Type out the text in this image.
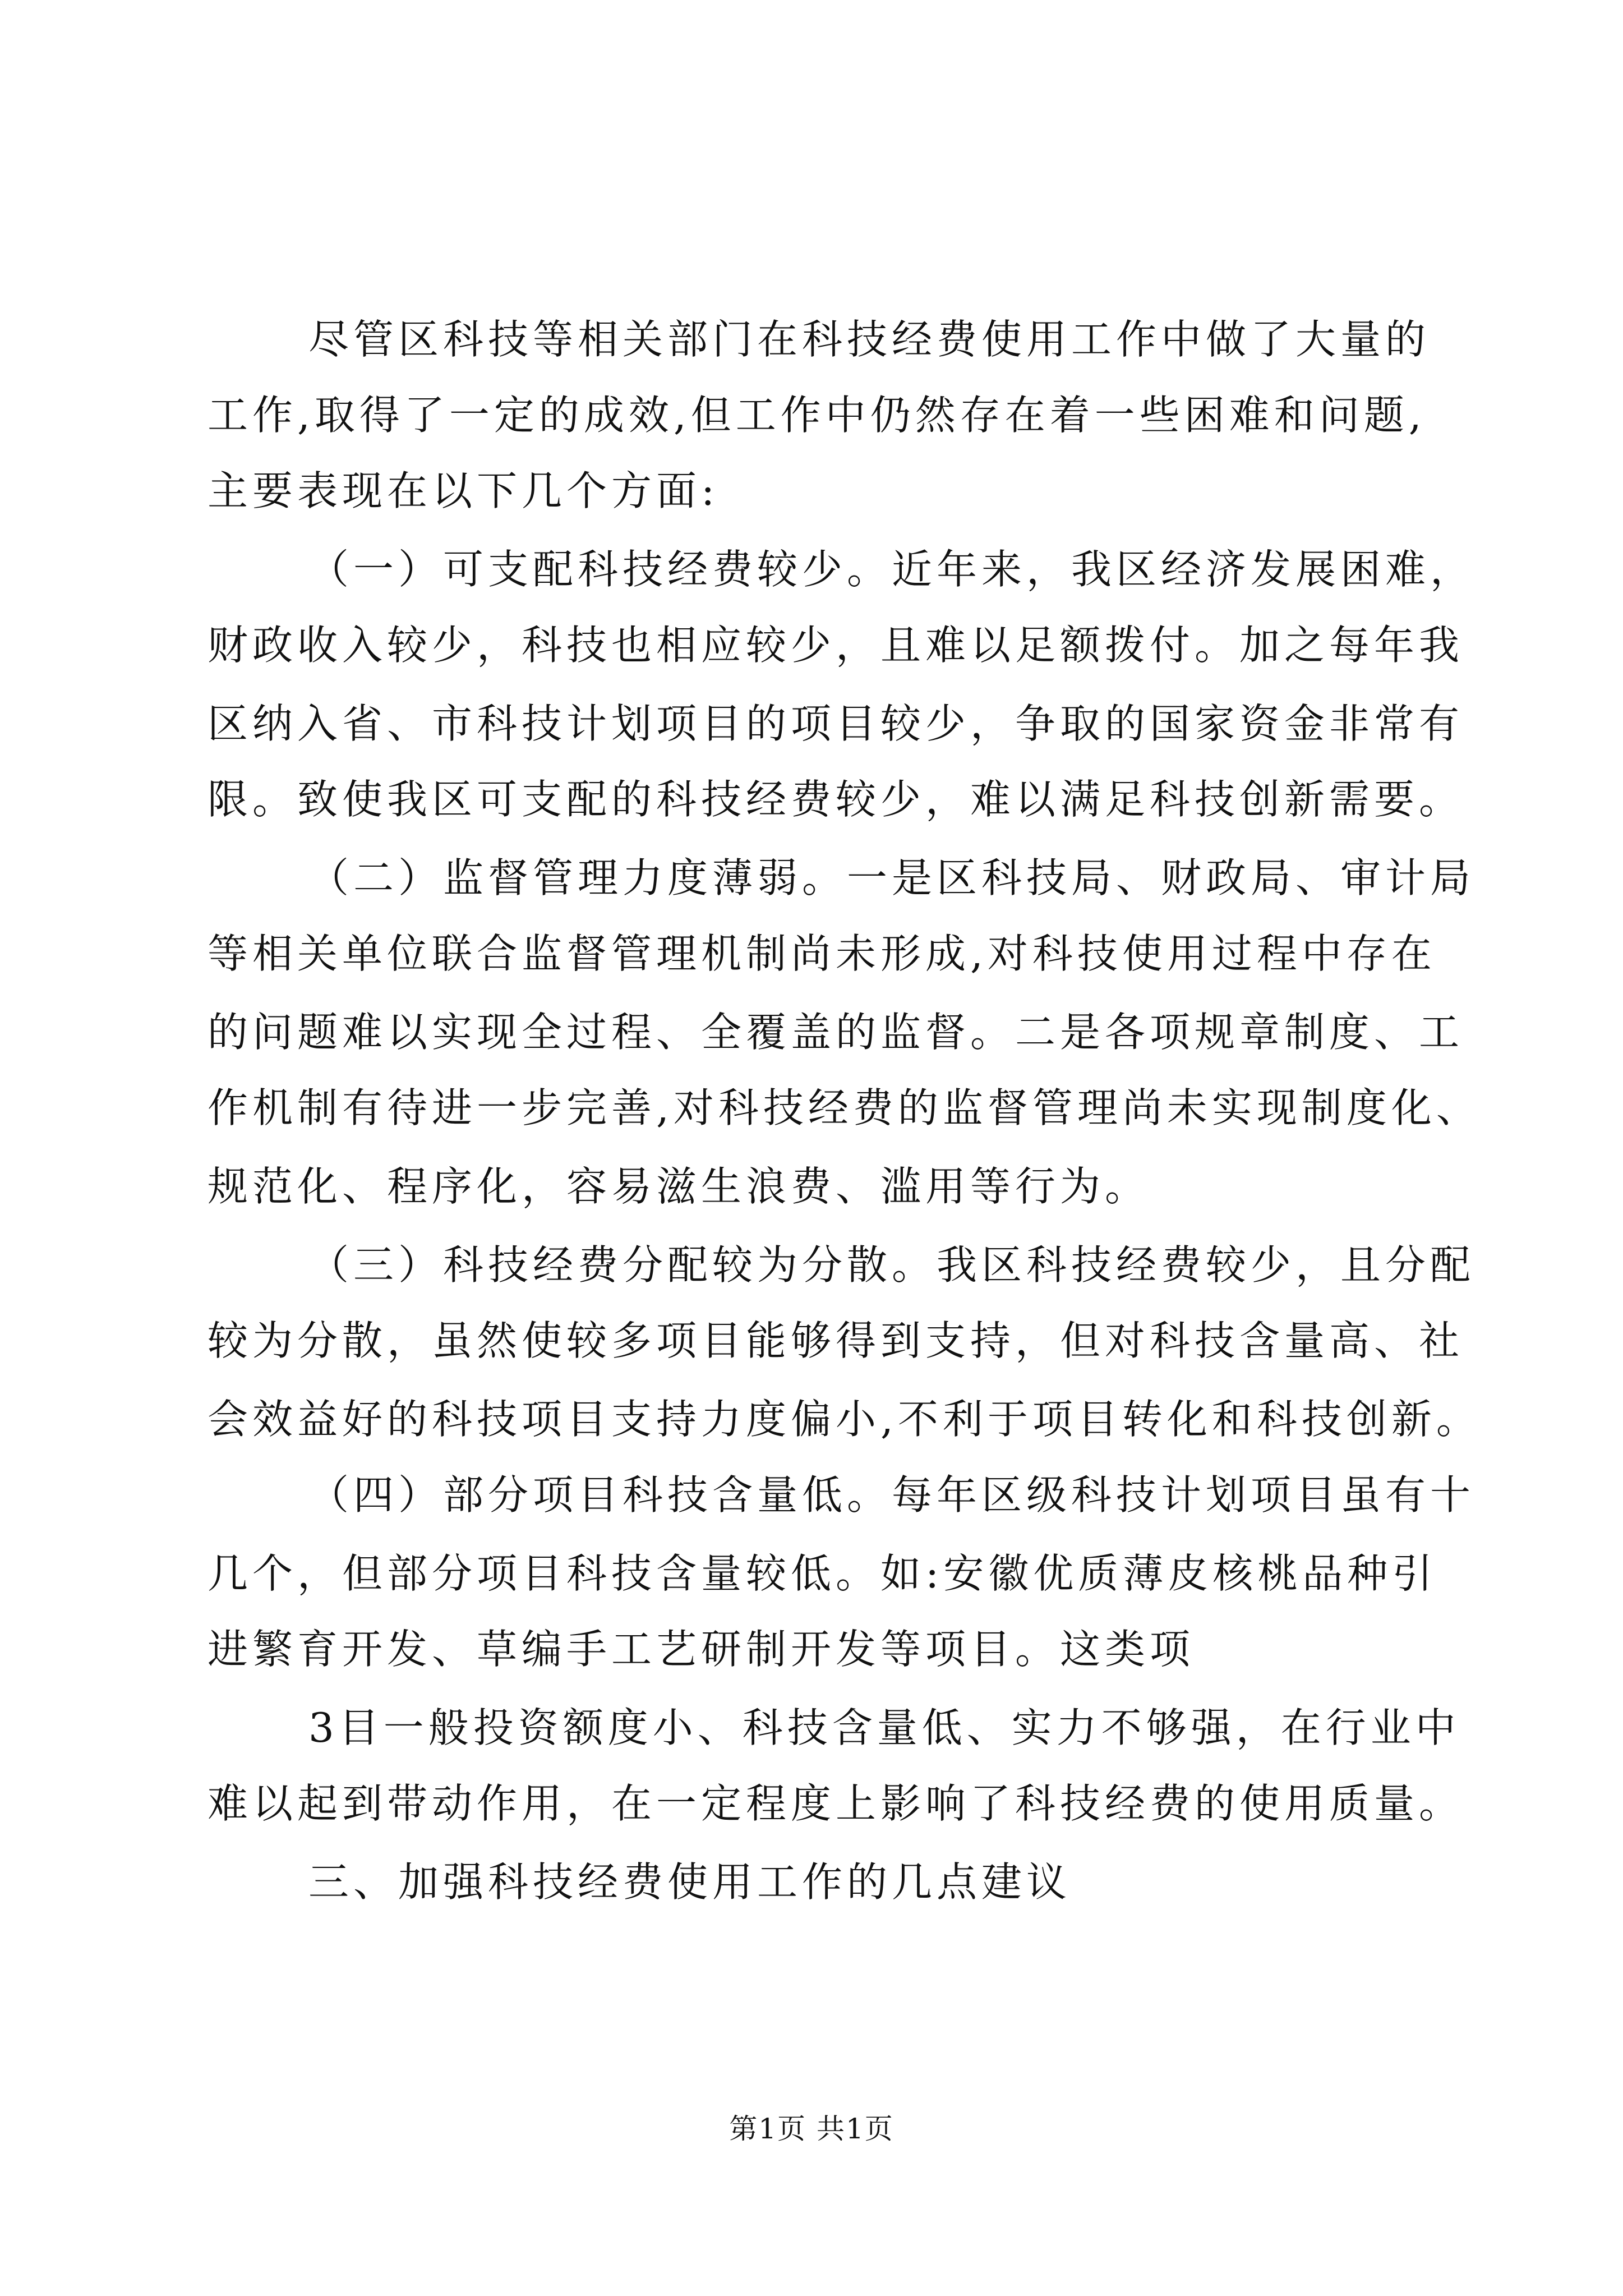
尽管区科技等相关部门在科技经费使用工作中做了大量的
工作,取得了一定的成效,但工作中仍然存在着一些困难和问题,
主要表现在以下几个方面:
（一）可支配科技经费较少。近年来，我区经济发展困难，
财政收入较少，科技也相应较少，且难以足额拨付。加之每年我
区纳入省、市科技计划项目的项目较少，争取的国家资金非常有
限。致使我区可支配的科技经费较少，难以满足科技创新需要。
（二）监督管理力度薄弱。一是区科技局、财政局、审计局
等相关单位联合监督管理机制尚未形成,对科技使用过程中存在
的问题难以实现全过程、全覆盖的监督。二是各项规章制度、工
作机制有待进一步完善,对科技经费的监督管理尚未实现制度化、
规范化、程序化，容易滋生浪费、滥用等行为。
（三）科技经费分配较为分散。我区科技经费较少，且分配
较为分散，虽然使较多项目能够得到支持，但对科技含量高、社
会效益好的科技项目支持力度偏小,不利于项目转化和科技创新。
（四）部分项目科技含量低。每年区级科技计划项目虽有十
几个，但部分项目科技含量较低。如:安徽优质薄皮核桃品种引
进繁育开发、草编手工艺研制开发等项目。这类项
3目一般投资额度小、科技含量低、实力不够强，在行业中
难以起到带动作用，在一定程度上影响了科技经费的使用质量。
三、加强科技经费使用工作的几点建议
第1页 共1页
